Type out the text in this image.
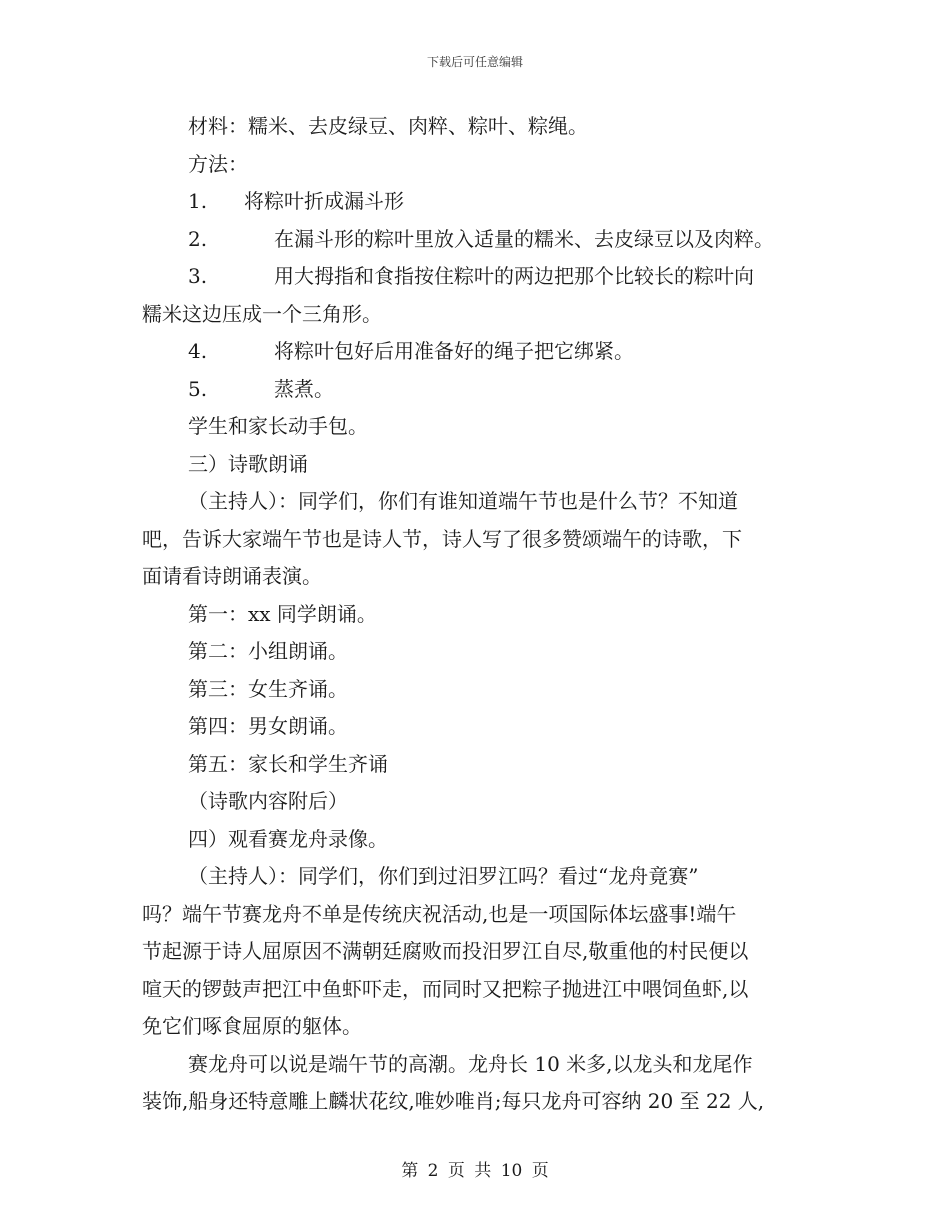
下载后可任意编辑
材料：糯米、去皮绿豆、肉粹、粽叶、粽绳。
方法：
1. 将粽叶折成漏斗形
2.	在漏斗形的粽叶里放入适量的糯米、去皮绿豆以及肉粹。
3.	用大拇指和食指按住粽叶的两边把那个比较长的粽叶向
糯米这边压成一个三角形。
4.	将粽叶包好后用准备好的绳子把它绑紧。
5.	蒸煮。
学生和家长动手包。
三）诗歌朗诵
（主持人）：同学们，你们有谁知道端午节也是什么节？不知道
吧，告诉大家端午节也是诗人节，诗人写了很多赞颂端午的诗歌，下
面请看诗朗诵表演。
第一：xx 同学朗诵。
第二：小组朗诵。
第三：女生齐诵。
第四：男女朗诵。
第五：家长和学生齐诵
（诗歌内容附后）
四）观看赛龙舟录像。
（主持人）：同学们，你们到过汨罗江吗？看过“龙舟竟赛”
吗？端午节赛龙舟不单是传统庆祝活动,也是一项国际体坛盛事!端午
节起源于诗人屈原因不满朝廷腐败而投汨罗江自尽,敬重他的村民便以
喧天的锣鼓声把江中鱼虾吓走，而同时又把粽子抛进江中喂饲鱼虾,以
免它们啄食屈原的躯体。
赛龙舟可以说是端午节的高潮。龙舟长 10 米多,以龙头和龙尾作
装饰,船身还特意雕上麟状花纹,唯妙唯肖;每只龙舟可容纳 20 至 22 人,
第 2 页 共 10 页
